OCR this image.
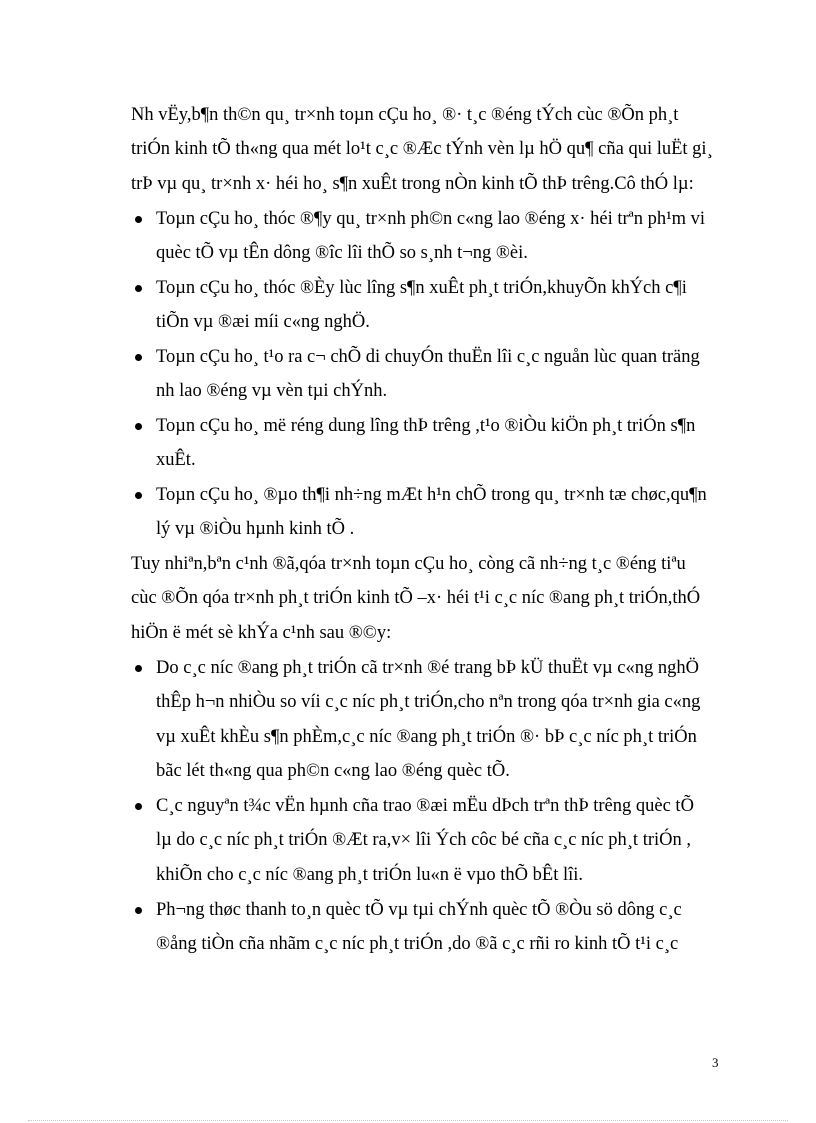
Nh vËy,b¶n th©n qu¸ tr×nh toµn cÇu ho¸ ®· t¸c ®éng tÝch cùc ®Õn ph¸t
triÓn kinh tÕ th«ng qua mét lo¹t c¸c ®Æc tÝnh vèn lµ hÖ qu¶ cña qui luËt gi¸
trÞ vµ qu¸ tr×nh x· héi ho¸ s¶n xuÊt trong nÒn kinh tÕ thÞ trêng.Cô thÓ lµ:
Toµn cÇu ho¸ thóc ®¶y qu¸ tr×nh ph©n c«ng lao ®éng x· héi trªn ph¹m vi
quèc tÕ vµ tÊn dông ®îc lîi thÕ so s¸nh t¬ng ®èi.
Toµn cÇu ho¸ thóc ®Èy lùc lîng s¶n xuÊt ph¸t triÓn,khuyÕn khÝch c¶i
tiÕn vµ ®æi míi c«ng nghÖ.
Toµn cÇu ho¸ t¹o ra c¬ chÕ di chuyÓn thuËn lîi c¸c nguån lùc quan träng
nh lao ®éng vµ vèn tµi chÝnh.
Toµn cÇu ho¸ më réng dung lîng thÞ trêng ,t¹o ®iÒu kiÖn ph¸t triÓn s¶n
xuÊt.
Toµn cÇu ho¸ ®µo th¶i nh÷ng mÆt h¹n chÕ trong qu¸ tr×nh tæ chøc,qu¶n
lý vµ ®iÒu hµnh kinh tÕ .
Tuy nhiªn,bªn c¹nh ®ã,qóa tr×nh toµn cÇu ho¸ còng cã nh÷ng t¸c ®éng tiªu
cùc ®Õn qóa tr×nh ph¸t triÓn kinh tÕ –x· héi t¹i c¸c níc ®ang ph¸t triÓn,thÓ
hiÖn ë mét sè khÝa c¹nh sau ®©y:
Do c¸c níc ®ang ph¸t triÓn cã tr×nh ®é trang bÞ kÜ thuËt vµ c«ng nghÖ
thÊp h¬n nhiÒu so víi c¸c níc ph¸t triÓn,cho nªn trong qóa tr×nh gia c«ng
vµ xuÊt khÈu s¶n phÈm,c¸c níc ®ang ph¸t triÓn ®· bÞ c¸c níc ph¸t triÓn
bãc lét th«ng qua ph©n c«ng lao ®éng quèc tÕ.
C¸c nguyªn t¾c vËn hµnh cña trao ®æi mËu dÞch trªn thÞ trêng quèc tÕ
lµ do c¸c níc ph¸t triÓn ®Æt ra,v× lîi Ých côc bé cña c¸c níc ph¸t triÓn ,
khiÕn cho c¸c níc ®ang ph¸t triÓn lu«n ë vµo thÕ bÊt lîi.
Ph¬ng thøc thanh to¸n quèc tÕ vµ tµi chÝnh quèc tÕ ®Òu sö dông c¸c
®ång tiÒn cña nhãm c¸c níc ph¸t triÓn ,do ®ã c¸c rñi ro kinh tÕ t¹i c¸c
3
